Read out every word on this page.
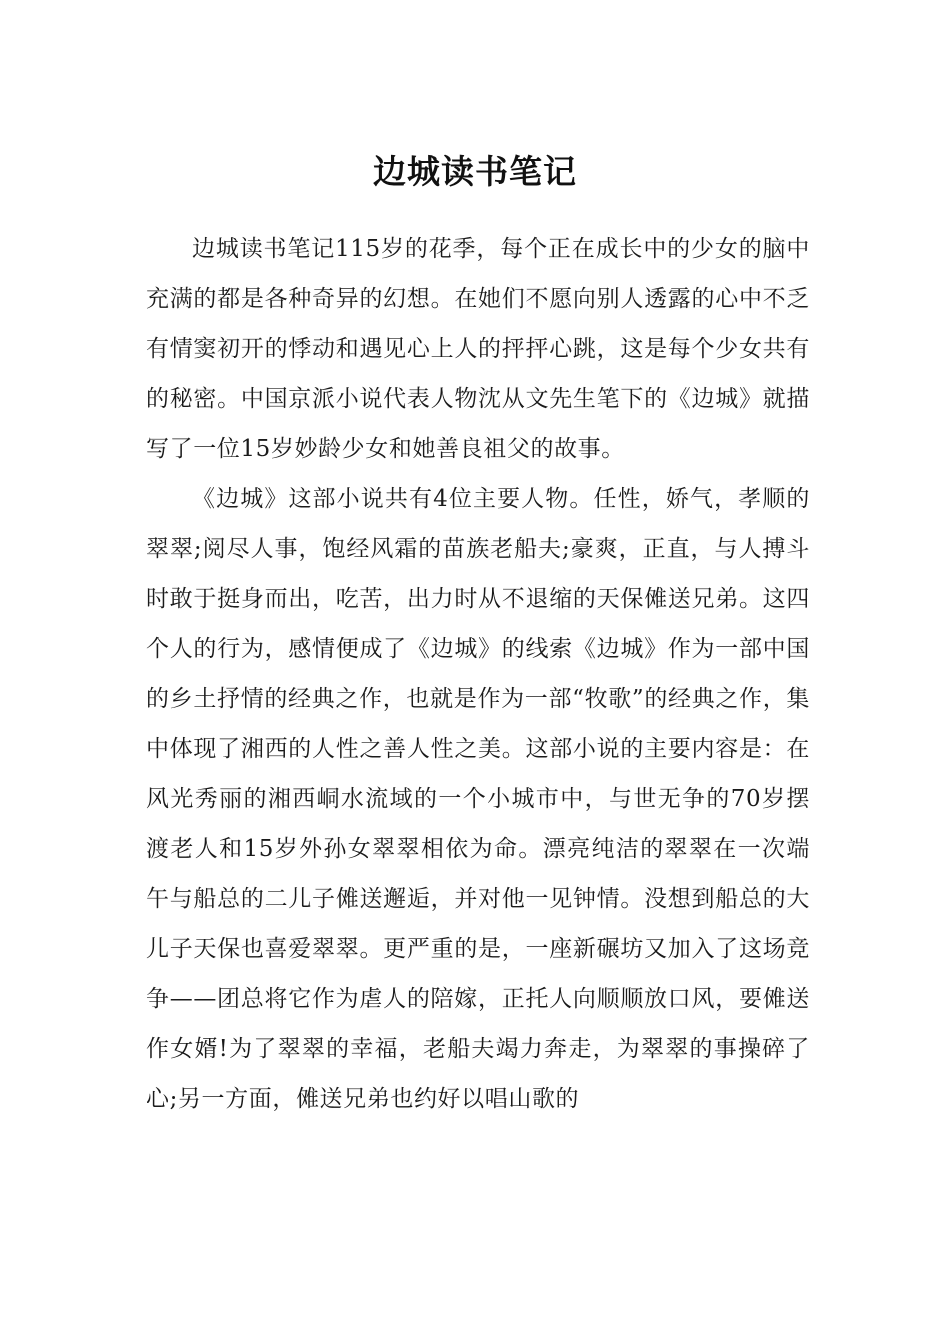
边城读书笔记

边城读书笔记115岁的花季，每个正在成长中的少女的脑中充满的都是各种奇异的幻想。在她们不愿向别人透露的心中不乏有情窦初开的悸动和遇见心上人的抨抨心跳，这是每个少女共有的秘密。中国京派小说代表人物沈从文先生笔下的《边城》就描写了一位15岁妙龄少女和她善良祖父的故事。

《边城》这部小说共有4位主要人物。任性，娇气，孝顺的翠翠;阅尽人事，饱经风霜的苗族老船夫;豪爽，正直，与人搏斗时敢于挺身而出，吃苦，出力时从不退缩的天保傩送兄弟。这四个人的行为，感情便成了《边城》的线索《边城》作为一部中国的乡土抒情的经典之作，也就是作为一部“牧歌”的经典之作，集中体现了湘西的人性之善人性之美。这部小说的主要内容是：在风光秀丽的湘西峒水流域的一个小城市中，与世无争的70岁摆渡老人和15岁外孙女翠翠相依为命。漂亮纯洁的翠翠在一次端午与船总的二儿子傩送邂逅，并对他一见钟情。没想到船总的大儿子天保也喜爱翠翠。更严重的是，一座新碾坊又加入了这场竞争——团总将它作为虐人的陪嫁，正托人向顺顺放口风，要傩送作女婿!为了翠翠的幸福，老船夫竭力奔走，为翠翠的事操碎了心;另一方面，傩送兄弟也约好以唱山歌的
